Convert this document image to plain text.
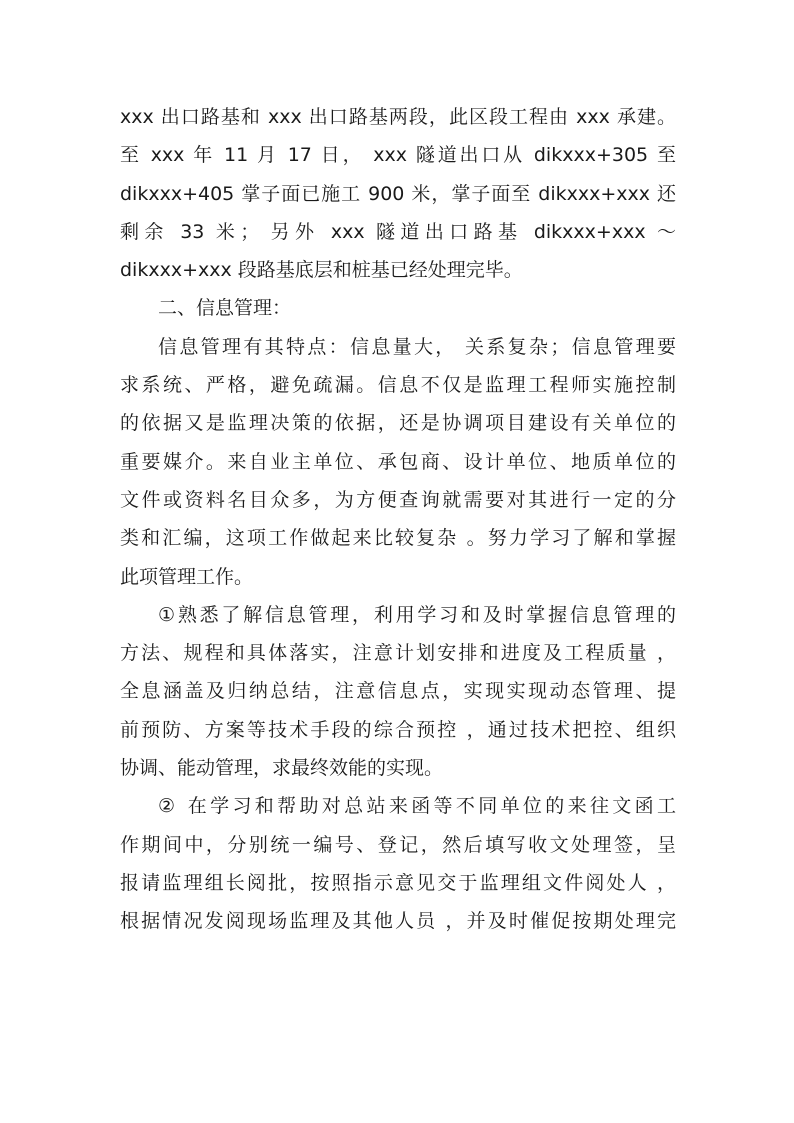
xxx 出口路基和 xxx 出口路基两段，此区段工程由 xxx 承建。
至 xxx 年 11 月 17 日， xxx 隧道出口从 dikxxx+305 至
dikxxx+405 掌子面已施工 900 米，掌子面至 dikxxx+xxx 还
剩余 33 米； 另外 xxx 隧道出口路基 dikxxx+xxx ～
dikxxx+xxx 段路基底层和桩基已经处理完毕。
二、信息管理：
信息管理有其特点：信息量大， 关系复杂；信息管理要
求系统、严格，避免疏漏。信息不仅是监理工程师实施控制
的依据又是监理决策的依据，还是协调项目建设有关单位的
重要媒介。来自业主单位、承包商、设计单位、地质单位的
文件或资料名目众多，为方便查询就需要对其进行一定的分
类和汇编，这项工作做起来比较复杂 。努力学习了解和掌握
此项管理工作。
①熟悉了解信息管理，利用学习和及时掌握信息管理的
方法、规程和具体落实，注意计划安排和进度及工程质量 ，
全息涵盖及归纳总结，注意信息点，实现实现动态管理、提
前预防、方案等技术手段的综合预控 ，通过技术把控、组织
协调、能动管理，求最终效能的实现。
② 在学习和帮助对总站来函等不同单位的来往文函工
作期间中，分别统一编号、登记，然后填写收文处理签，呈
报请监理组长阅批，按照指示意见交于监理组文件阅处人 ，
根据情况发阅现场监理及其他人员 ，并及时催促按期处理完
